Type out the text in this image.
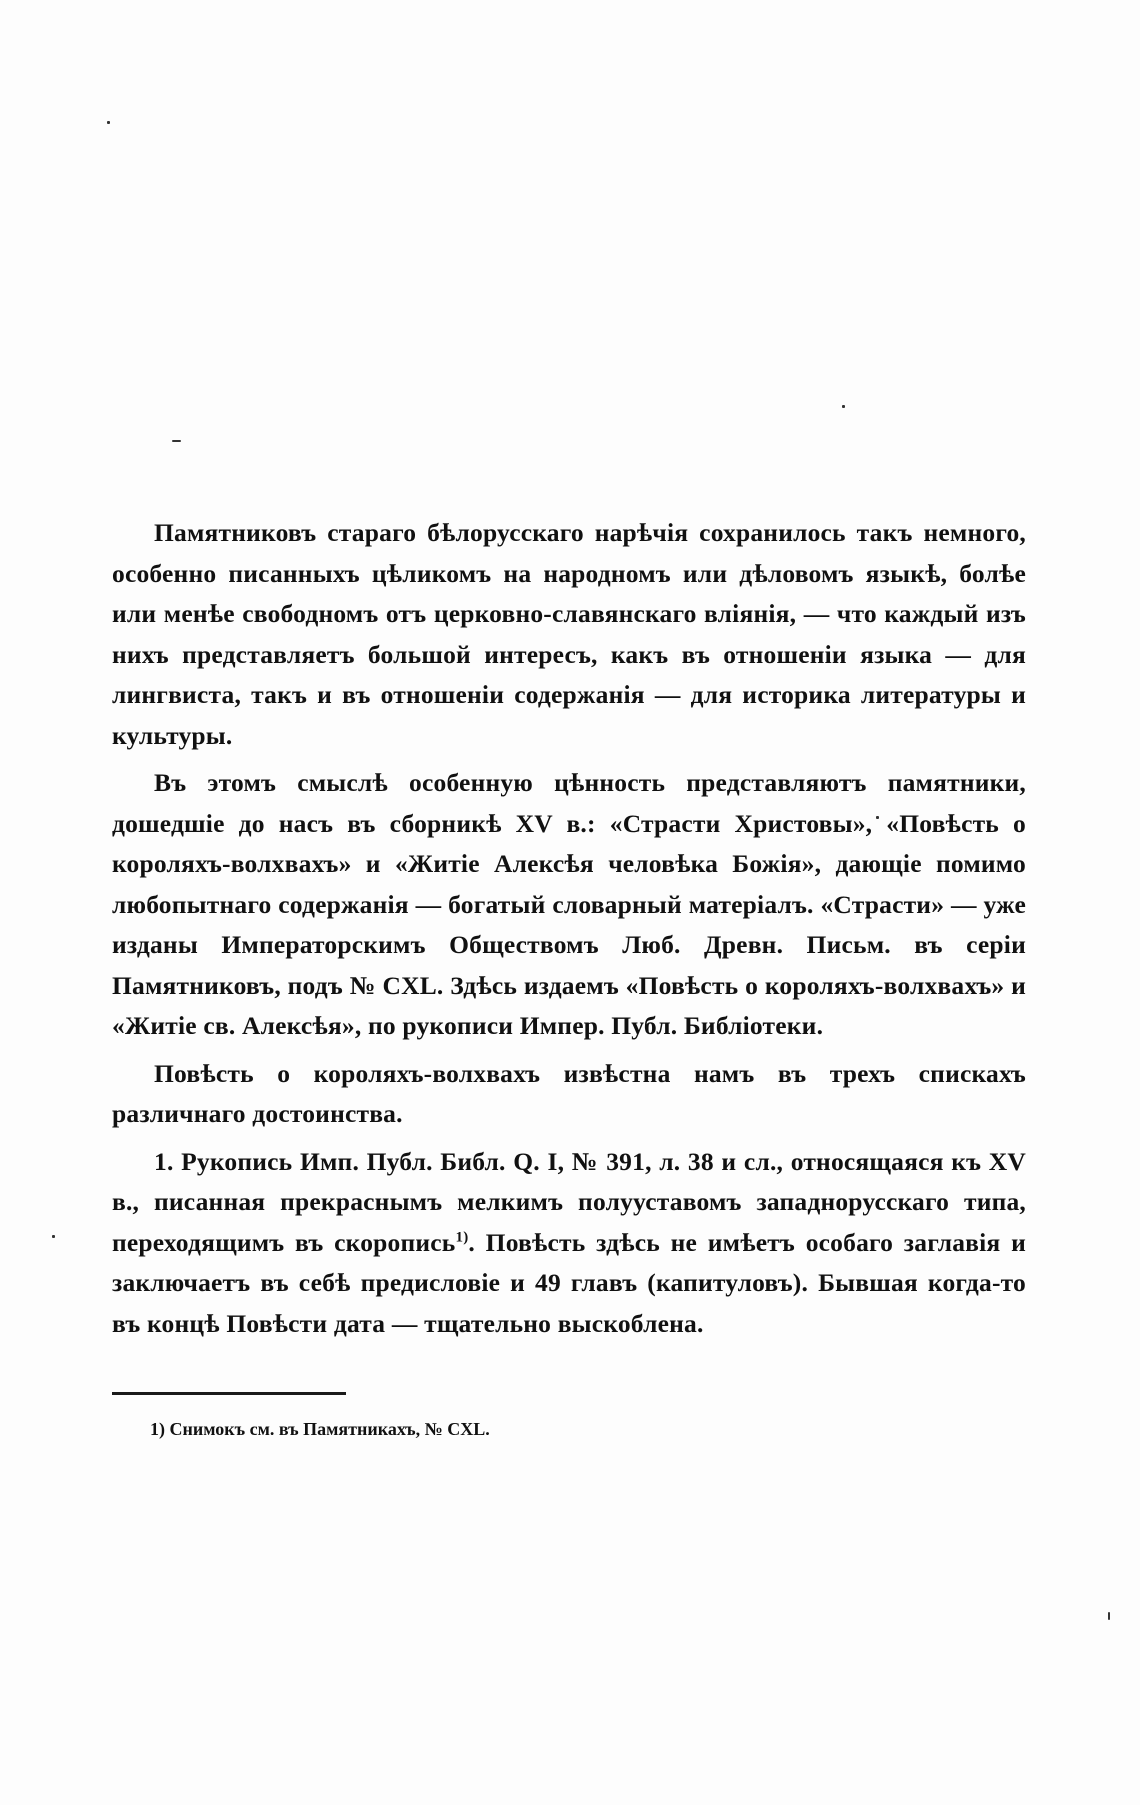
Памятниковъ стараго бѣлорусскаго нарѣчія сохранилось такъ немного, особенно писанныхъ цѣликомъ на народномъ или дѣловомъ языкѣ, болѣе или менѣе свободномъ отъ церковно-славянскаго вліянія, — что каждый изъ нихъ представляетъ большой интересъ, какъ въ отношеніи языка — для лингвиста, такъ и въ отношеніи содержанія — для историка литературы и культуры.

Въ этомъ смыслѣ особенную цѣнность представляютъ памятники, дошедшіе до насъ въ сборникѣ XV в.: «Страсти Христовы», «Повѣсть о короляхъ-волхвахъ» и «Житіе Алексѣя человѣка Божія», дающіе помимо любопытнаго содержанія — богатый словарный матеріалъ. «Страсти» — уже изданы Императорскимъ Обществомъ Люб. Древн. Письм. въ серіи Памятниковъ, подъ № CXL. Здѣсь издаемъ «Повѣсть о короляхъ-волхвахъ» и «Житіе св. Алексѣя», по рукописи Импер. Публ. Библіотеки.

Повѣсть о короляхъ-волхвахъ извѣстна намъ въ трехъ спискахъ различнаго достоинства.

1. Рукопись Имп. Публ. Библ. Q. I, № 391, л. 38 и сл., относящаяся къ XV в., писанная прекраснымъ мелкимъ полууставомъ западнорусскаго типа, переходящимъ въ скоропись$^{1)}$. Повѣсть здѣсь не имѣетъ особаго заглавія и заключаетъ въ себѣ предисловіе и 49 главъ (капитуловъ). Бывшая когда-то въ концѣ Повѣсти дата — тщательно выскоблена.

1) Снимокъ см. въ Памятникахъ, № CXL.
